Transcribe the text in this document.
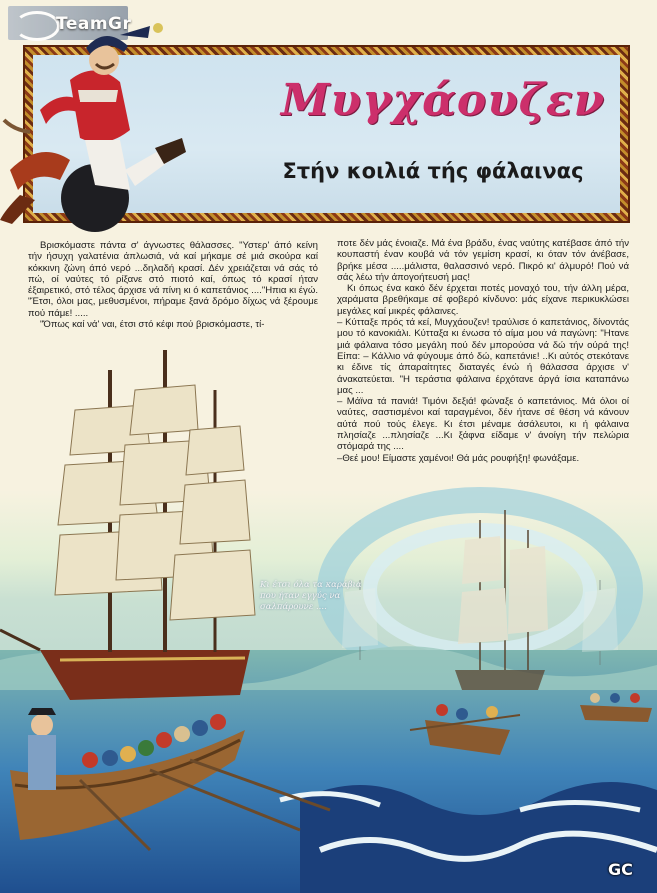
TeamGr
Μυγχάουζεν
Στήν κοιλιά τής φάλαινας

Βρισκόμαστε πάντα σ' άγνωστες θάλασσες. "Υστερ' άπό κείνη τήν ήσυχη γαλατένια άπλωσιά, νά καί μήκαμε σέ μιά σκούρα καί κόκκινη ζώνη άπό νερό ...δηλαδή κρασί. Δέν χρειάζεται νά σάς τό πώ, οί ναύτες τό ρίξανε στό πιοτό καί, όπως τό κρασί ήταν έξαιρετικό, στό τέλος άρχισε νά πίνη κι ό καπετάνιος ...."Ηπια κι έγώ. "Έτσι, όλοι μας, μεθυσμένοι, πήραμε ξανά δρόμο δίχως νά ξέρουμε πού πάμε! .....

"Όπως καί νά' ναι, έτσι στό κέφι πού βρισκόμαστε, τί-

ποτε δέν μάς ένοιαζε. Μά ένα βράδυ, ένας ναύτης κατέβασε άπό τήν κουπαστή έναν κουβά νά τόν γεμίση κρασί, κι όταν τόν άνέβασε, βρήκε μέσα .....μάλιστα, θαλασσινό νερό. Πικρό κι' άλμυρό! Πού νά σάς λέω τήν άπογοήτευσή μας!

Κι όπως ένα κακό δέν έρχεται ποτές μοναχό του, τήν άλλη μέρα, χαράματα βρεθήκαμε σέ φοβερό κίνδυνο: μάς είχανε περικυκλώσει μεγάλες καί μικρές φάλαινες.

– Κύτταξε πρός τά κεί, Μυγχάουζεν! τραύλισε ό καπετάνιος, δίνοντάς μου τό κανοκιάλι. Κύτταξα κι ένωσα τό αίμα μου νά παγώνη: "Ητανε μιά φάλαινα τόσο μεγάλη πού δέν μπορούσα νά δώ τήν ούρά της! Είπα: – Κάλλιο νά φύγουμε άπό δώ, καπετάνιε! ..Κι αύτός στεκότανε κι έδινε τίς άπαραίτητες διαταγές ένώ ή θάλασσα άρχισε ν' άνακατεύεται. "Η τεράστια φάλαινα έρχότανε άργά ίσια καταπάνω μας ...

– Μάϊνα τά πανιά! Τιμόνι δεξιά! φώναξε ό καπετάνιος. Μά όλοι οί ναύτες, σαστισμένοι καί ταραγμένοι, δέν ήτανε σέ θέση νά κάνουν αύτά πού τούς έλεγε. Κι έτσι μέναμε άσάλευτοι, κι ή φάλαινα πλησίαζε ...πλησίαζε ...Κι ξάφνα είδαμε ν' άνοίγη τήν πελώρια στόμαρά της ....

–Θεέ μου! Είμαστε χαμένοι! Θά μάς ρουφήξη! φωνάξαμε.

Κι έτσι όλα τα καράβια που ήταν εγγύς να σαλπάρουνε ....
GC
